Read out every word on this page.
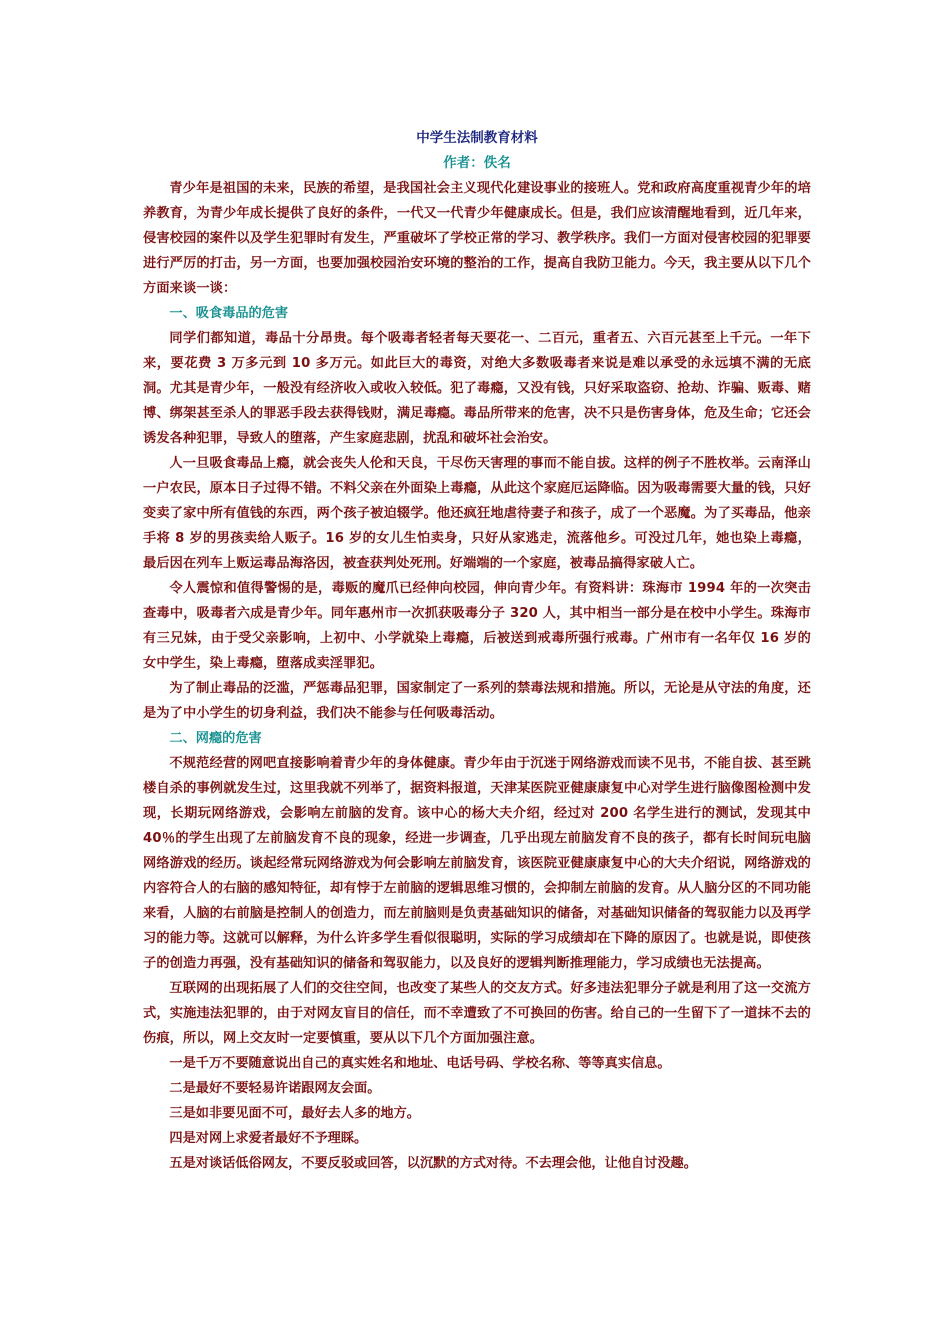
中学生法制教育材料

作者：佚名

青少年是祖国的未来，民族的希望，是我国社会主义现代化建设事业的接班人。党和政府高度重视青少年的培养教育，为青少年成长提供了良好的条件，一代又一代青少年健康成长。但是，我们应该清醒地看到，近几年来，侵害校园的案件以及学生犯罪时有发生，严重破坏了学校正常的学习、教学秩序。我们一方面对侵害校园的犯罪要进行严厉的打击，另一方面，也要加强校园治安环境的整治的工作，提高自我防卫能力。今天，我主要从以下几个方面来谈一谈：

一、吸食毒品的危害

同学们都知道，毒品十分昂贵。每个吸毒者轻者每天要花一、二百元，重者五、六百元甚至上千元。一年下来，要花费 3 万多元到 10 多万元。如此巨大的毒资，对绝大多数吸毒者来说是难以承受的永远填不满的无底洞。尤其是青少年，一般没有经济收入或收入较低。犯了毒瘾，又没有钱，只好采取盗窃、抢劫、诈骗、贩毒、赌博、绑架甚至杀人的罪恶手段去获得钱财，满足毒瘾。毒品所带来的危害，决不只是伤害身体，危及生命；它还会诱发各种犯罪，导致人的堕落，产生家庭悲剧，扰乱和破坏社会治安。

人一旦吸食毒品上瘾，就会丧失人伦和天良，干尽伤天害理的事而不能自拔。这样的例子不胜枚举。云南泽山一户农民，原本日子过得不错。不料父亲在外面染上毒瘾，从此这个家庭厄运降临。因为吸毒需要大量的钱，只好变卖了家中所有值钱的东西，两个孩子被迫辍学。他还疯狂地虐待妻子和孩子，成了一个恶魔。为了买毒品，他亲手将 8 岁的男孩卖给人贩子。16 岁的女儿生怕卖身，只好从家逃走，流落他乡。可没过几年，她也染上毒瘾，最后因在列车上贩运毒品海洛因，被查获判处死刑。好端端的一个家庭，被毒品搞得家破人亡。

令人震惊和值得警惕的是，毒贩的魔爪已经伸向校园，伸向青少年。有资料讲：珠海市 1994 年的一次突击查毒中，吸毒者六成是青少年。同年惠州市一次抓获吸毒分子 320 人，其中相当一部分是在校中小学生。珠海市有三兄妹，由于受父亲影响，上初中、小学就染上毒瘾，后被送到戒毒所强行戒毒。广州市有一名年仅 16 岁的女中学生，染上毒瘾，堕落成卖淫罪犯。

为了制止毒品的泛滥，严惩毒品犯罪，国家制定了一系列的禁毒法规和措施。所以，无论是从守法的角度，还是为了中小学生的切身利益，我们决不能参与任何吸毒活动。

二、网瘾的危害

不规范经营的网吧直接影响着青少年的身体健康。青少年由于沉迷于网络游戏而读不见书，不能自拔、甚至跳楼自杀的事例就发生过，这里我就不列举了，据资料报道，天津某医院亚健康康复中心对学生进行脑像图检测中发现，长期玩网络游戏，会影响左前脑的发育。该中心的杨大夫介绍，经过对 200 名学生进行的测试，发现其中 40％的学生出现了左前脑发育不良的现象，经进一步调查，几乎出现左前脑发育不良的孩子，都有长时间玩电脑网络游戏的经历。谈起经常玩网络游戏为何会影响左前脑发育，该医院亚健康康复中心的大夫介绍说，网络游戏的内容符合人的右脑的感知特征，却有悖于左前脑的逻辑思维习惯的，会抑制左前脑的发育。从人脑分区的不同功能来看，人脑的右前脑是控制人的创造力，而左前脑则是负责基础知识的储备，对基础知识储备的驾驭能力以及再学习的能力等。这就可以解释，为什么许多学生看似很聪明，实际的学习成绩却在下降的原因了。也就是说，即使孩子的创造力再强，没有基础知识的储备和驾驭能力，以及良好的逻辑判断推理能力，学习成绩也无法提高。

互联网的出现拓展了人们的交往空间，也改变了某些人的交友方式。好多违法犯罪分子就是利用了这一交流方式，实施违法犯罪的，由于对网友盲目的信任，而不幸遭致了不可换回的伤害。给自己的一生留下了一道抹不去的伤痕，所以，网上交友时一定要慎重，要从以下几个方面加强注意。

一是千万不要随意说出自己的真实姓名和地址、电话号码、学校名称、等等真实信息。

二是最好不要轻易许诺跟网友会面。

三是如非要见面不可，最好去人多的地方。

四是对网上求爱者最好不予理睬。

五是对谈话低俗网友，不要反驳或回答，以沉默的方式对待。不去理会他，让他自讨没趣。
